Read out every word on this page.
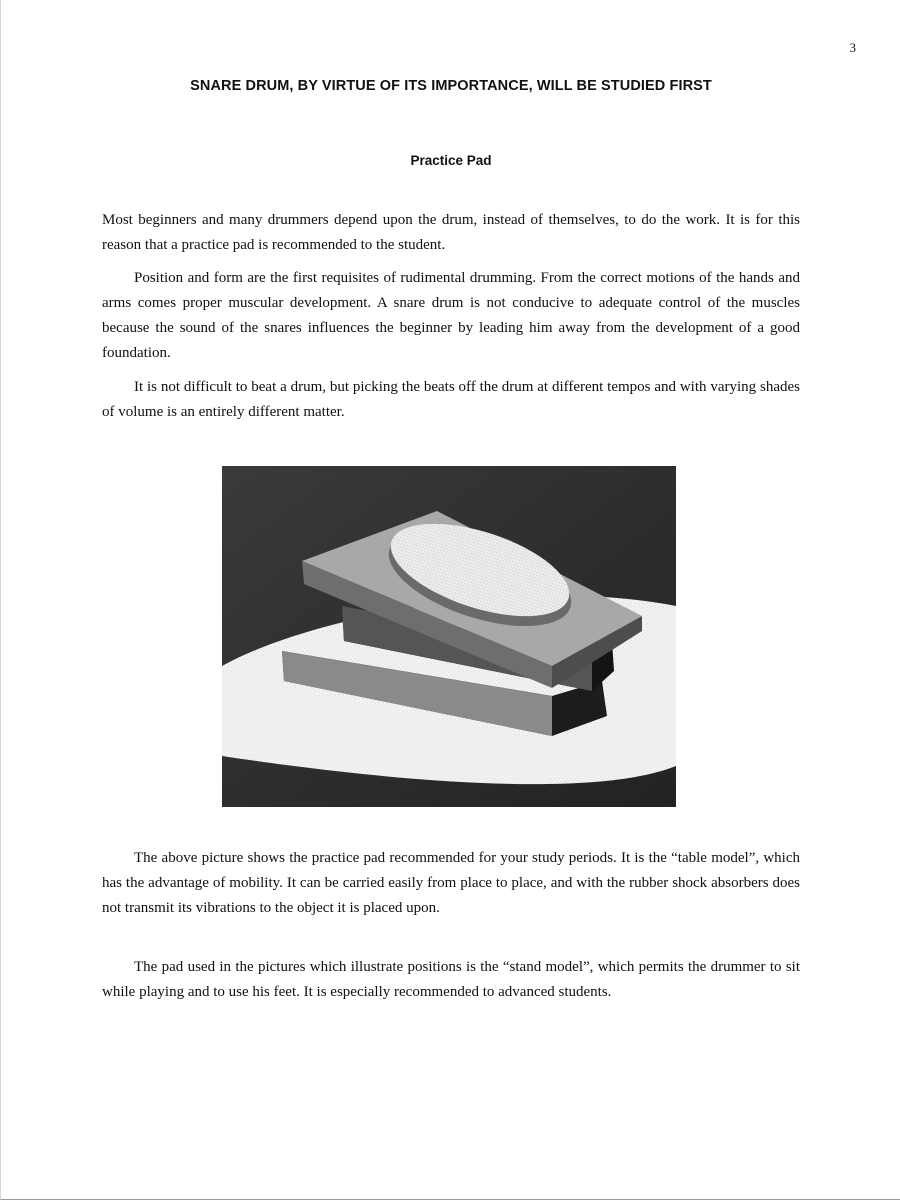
3
SNARE DRUM, BY VIRTUE OF ITS IMPORTANCE, WILL BE STUDIED FIRST
Practice Pad

Most beginners and many drummers depend upon the drum, instead of themselves, to do the work. It is for this reason that a practice pad is recommended to the student.

Position and form are the first requisites of rudimental drumming. From the correct motions of the hands and arms comes proper muscular development. A snare drum is not conducive to adequate control of the muscles because the sound of the snares influences the beginner by leading him away from the development of a good foundation.

It is not difficult to beat a drum, but picking the beats off the drum at different tempos and with varying shades of volume is an entirely different matter.

The above picture shows the practice pad recommended for your study periods. It is the “table model”, which has the advantage of mobility. It can be carried easily from place to place, and with the rubber shock absorbers does not transmit its vibrations to the object it is placed upon.

The pad used in the pictures which illustrate positions is the “stand model”, which permits the drummer to sit while playing and to use his feet. It is especially recommended to advanced students.
